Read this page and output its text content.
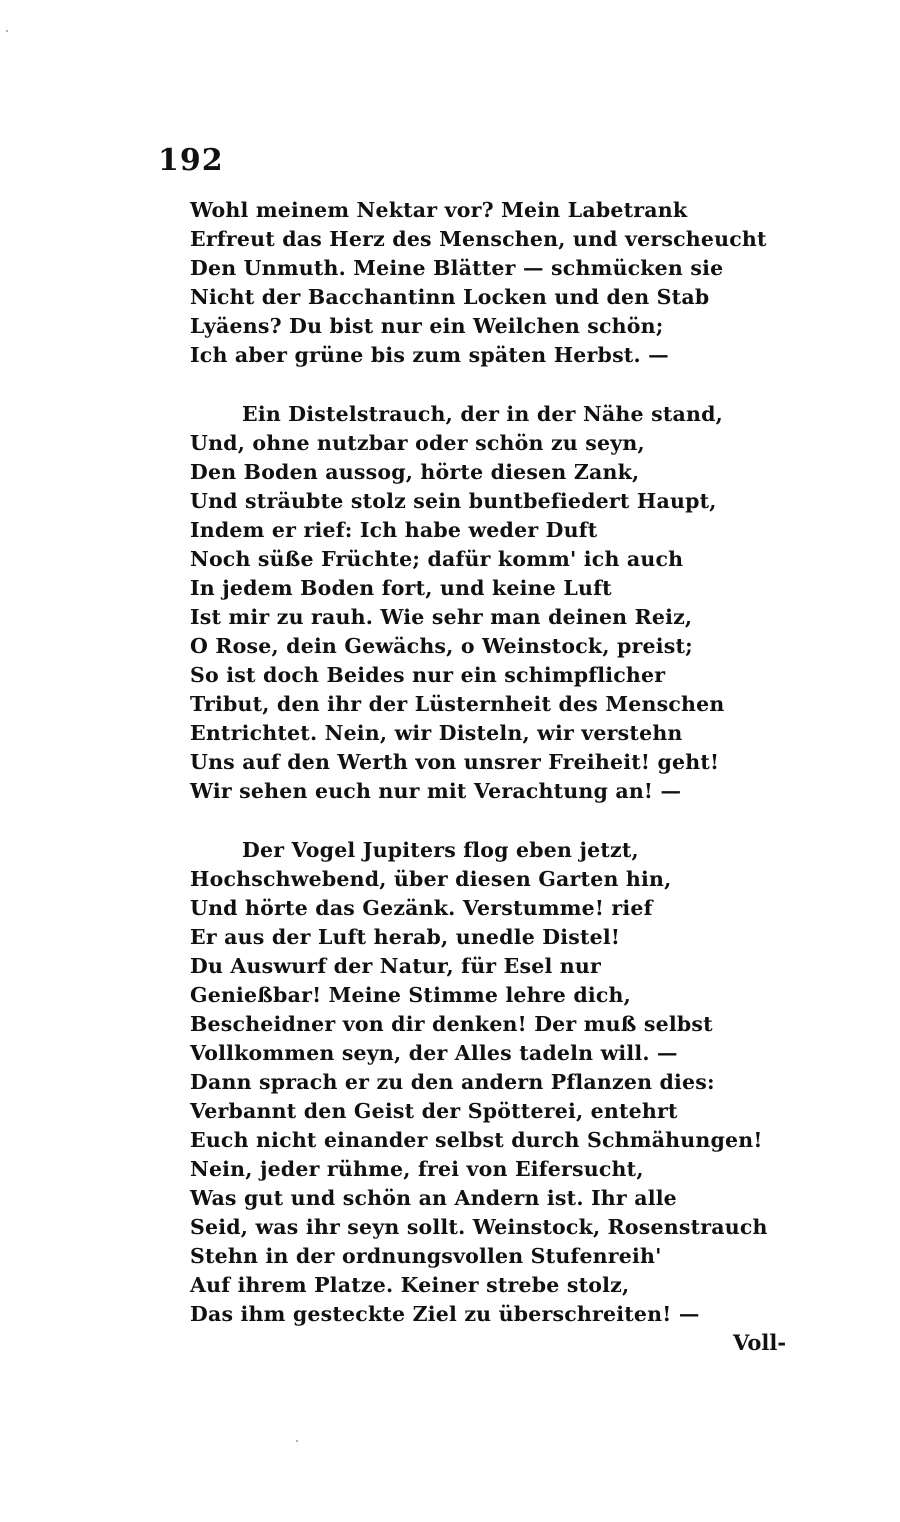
192
Wohl meinem Nektar vor? Mein Labetrank
Erfreut das Herz des Menschen, und verscheucht
Den Unmuth. Meine Blätter — schmücken sie
Nicht der Bacchantinn Locken und den Stab
Lyäens? Du bist nur ein Weilchen schön;
Ich aber grüne bis zum späten Herbst. —
Ein Distelstrauch, der in der Nähe stand,
Und, ohne nutzbar oder schön zu seyn,
Den Boden aussog, hörte diesen Zank,
Und sträubte stolz sein buntbefiedert Haupt,
Indem er rief: Ich habe weder Duft
Noch süße Früchte; dafür komm' ich auch
In jedem Boden fort, und keine Luft
Ist mir zu rauh. Wie sehr man deinen Reiz,
O Rose, dein Gewächs, o Weinstock, preist;
So ist doch Beides nur ein schimpflicher
Tribut, den ihr der Lüsternheit des Menschen
Entrichtet. Nein, wir Disteln, wir verstehn
Uns auf den Werth von unsrer Freiheit! geht!
Wir sehen euch nur mit Verachtung an! —
Der Vogel Jupiters flog eben jetzt,
Hochschwebend, über diesen Garten hin,
Und hörte das Gezänk. Verstumme! rief
Er aus der Luft herab, unedle Distel!
Du Auswurf der Natur, für Esel nur
Genießbar! Meine Stimme lehre dich,
Bescheidner von dir denken! Der muß selbst
Vollkommen seyn, der Alles tadeln will. —
Dann sprach er zu den andern Pflanzen dies:
Verbannt den Geist der Spötterei, entehrt
Euch nicht einander selbst durch Schmähungen!
Nein, jeder rühme, frei von Eifersucht,
Was gut und schön an Andern ist. Ihr alle
Seid, was ihr seyn sollt. Weinstock, Rosenstrauch
Stehn in der ordnungsvollen Stufenreih'
Auf ihrem Platze. Keiner strebe stolz,
Das ihm gesteckte Ziel zu überschreiten! —
Voll-
